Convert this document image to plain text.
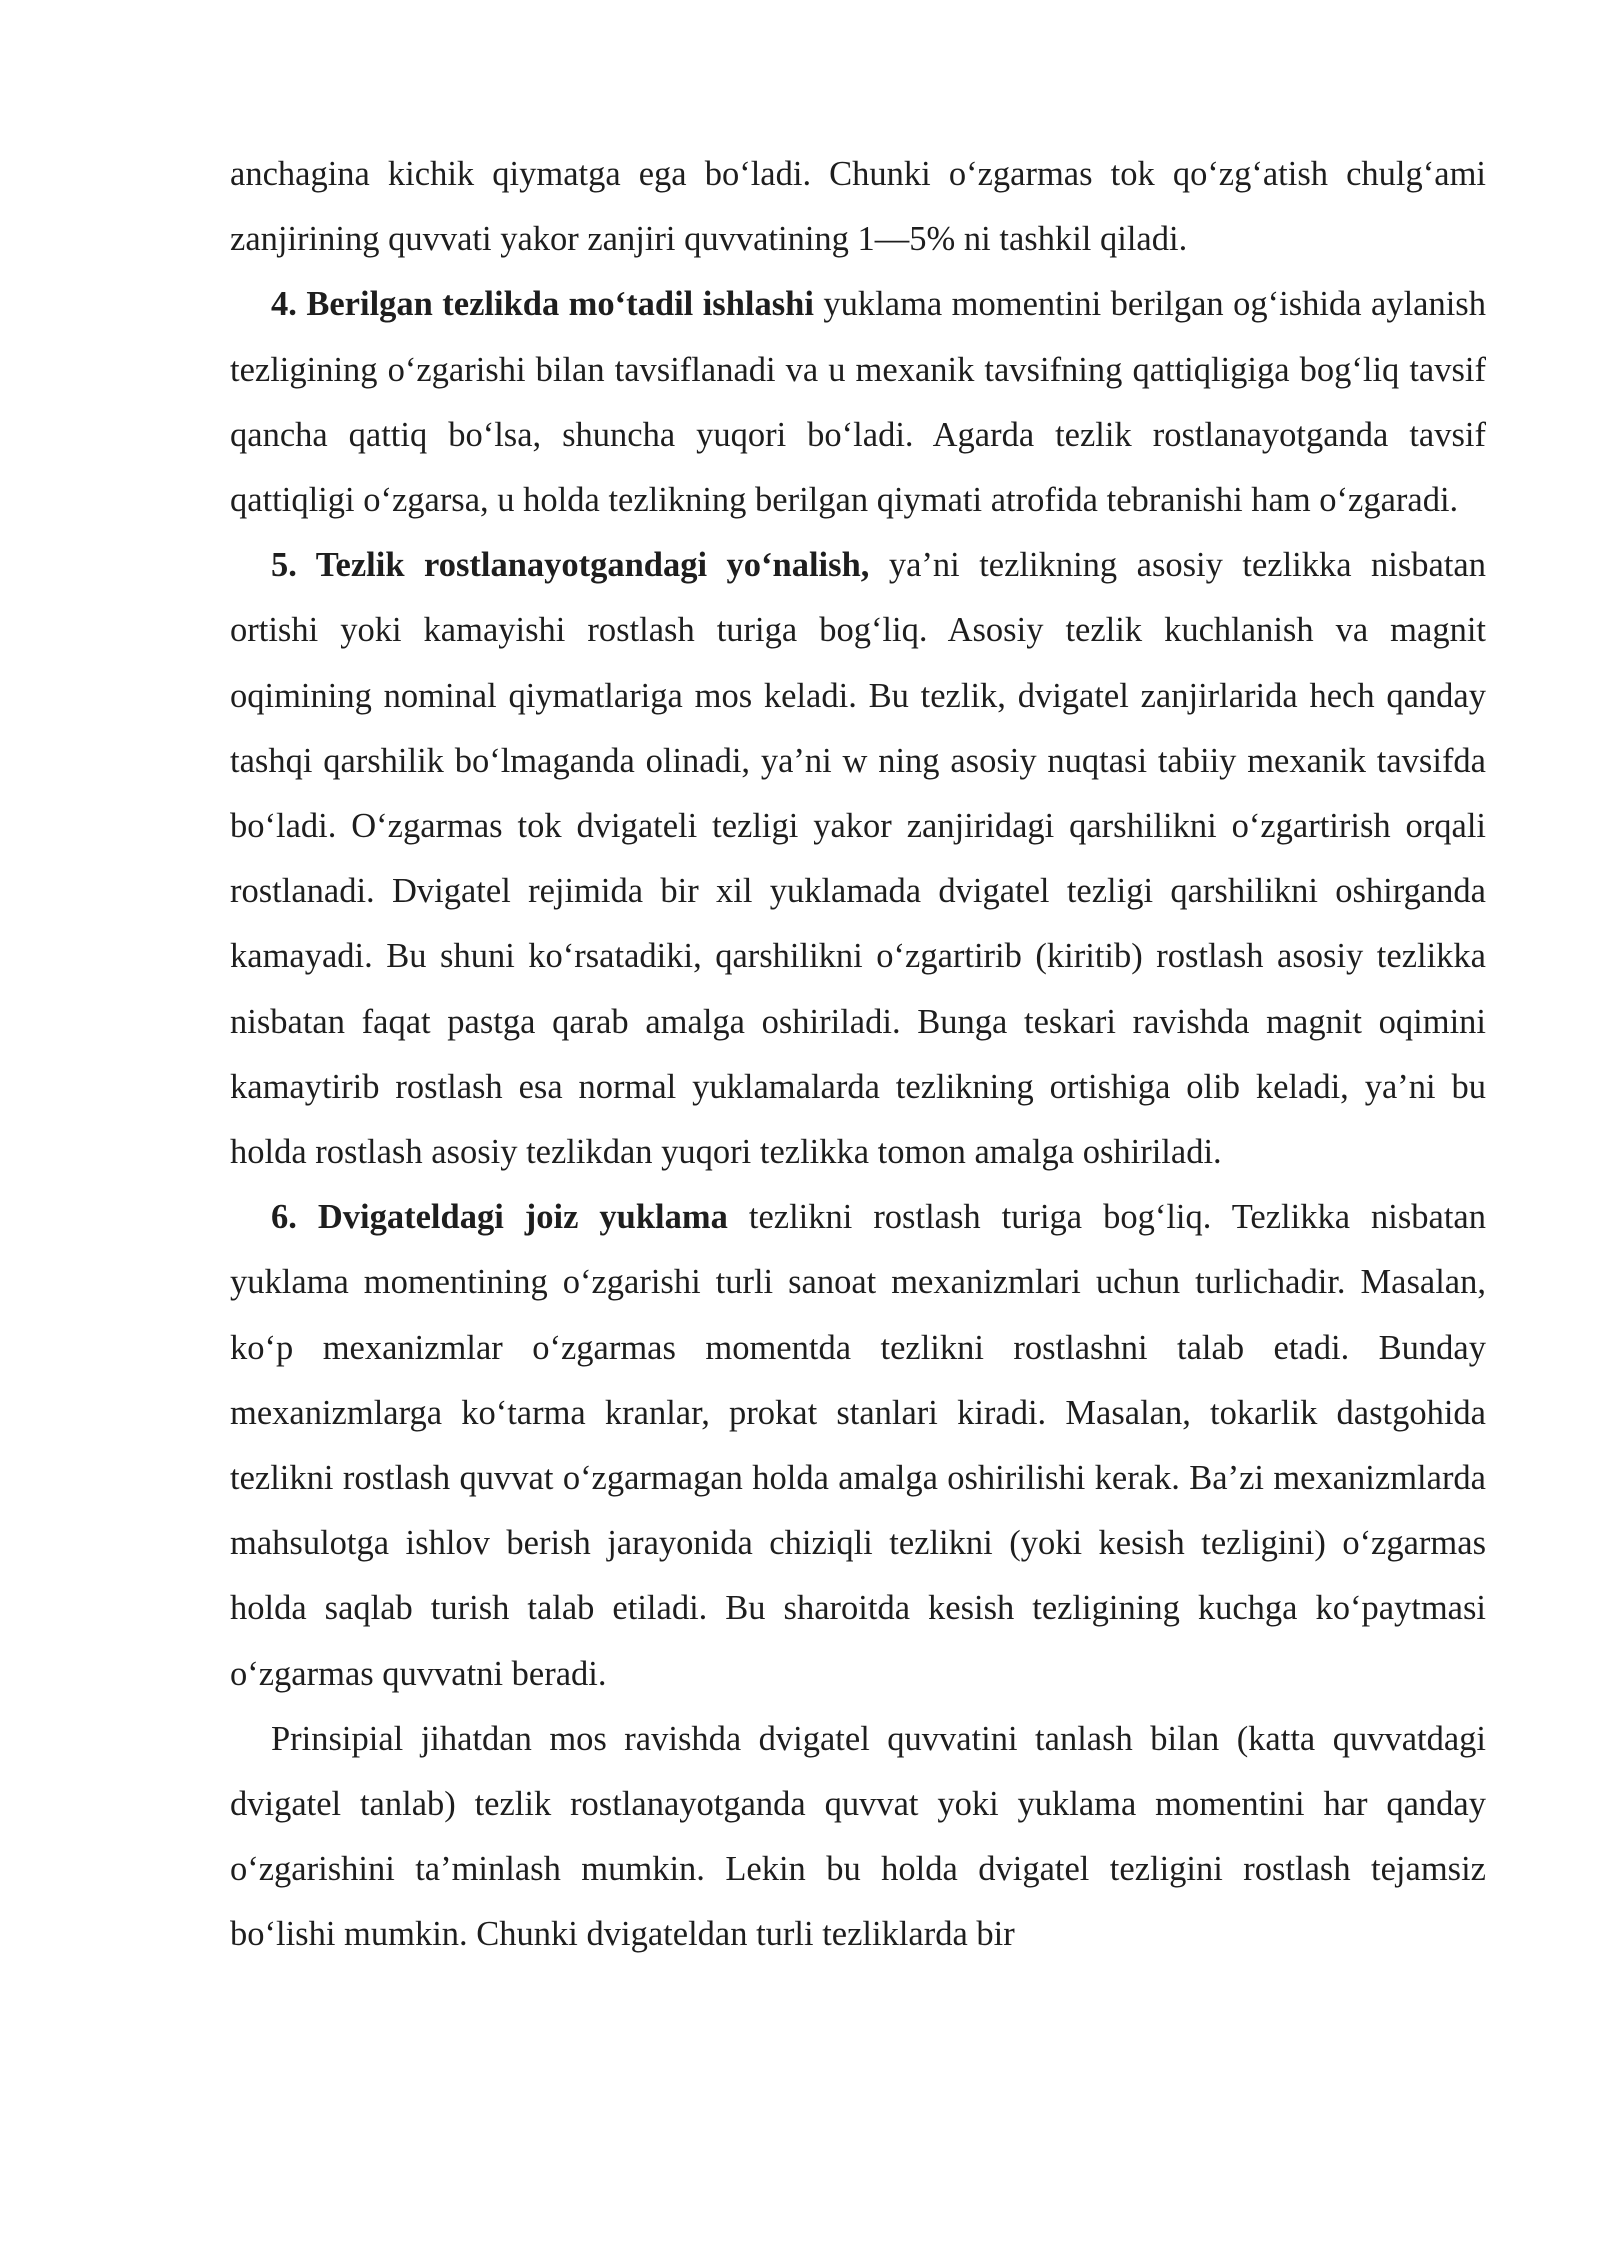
anchagina kichik qiymatga ega bo‘ladi. Chunki o‘zgarmas tok qo‘zg‘atish chulg‘ami zanjirining quvvati yakor zanjiri quvvatining 1—5% ni tashkil qiladi.

4. Berilgan tezlikda mo‘tadil ishlashi yuklama momentini berilgan og‘ishida aylanish tezligining o‘zgarishi bilan tavsiflanadi va u mexanik tavsifning qattiqligiga bog‘liq tavsif qancha qattiq bo‘lsa, shuncha yuqori bo‘ladi. Agarda tezlik rostlanayotganda tavsif qattiqligi o‘zgarsa, u holda tezlikning berilgan qiymati atrofida tebranishi ham o‘zgaradi.

5. Tezlik rostlanayotgandagi yo‘nalish, ya’ni tezlikning asosiy tezlikka nisbatan ortishi yoki kamayishi rostlash turiga bog‘liq. Asosiy tezlik kuchlanish va magnit oqimining nominal qiymatlariga mos keladi. Bu tezlik, dvigatel zanjirlarida hech qanday tashqi qarshilik bo‘lmaganda olinadi, ya’ni w ning asosiy nuqtasi tabiiy mexanik tavsifda bo‘ladi. O‘zgarmas tok dvigateli tezligi yakor zanjiridagi qarshilikni o‘zgartirish orqali rostlanadi. Dvigatel rejimida bir xil yuklamada dvigatel tezligi qarshilikni oshirganda kamayadi. Bu shuni ko‘rsatadiki, qarshilikni o‘zgartirib (kiritib) rostlash asosiy tezlikka nisbatan faqat pastga qarab amalga oshiriladi. Bunga teskari ravishda magnit oqimini kamaytirib rostlash esa normal yuklamalarda tezlikning ortishiga olib keladi, ya’ni bu holda rostlash asosiy tezlikdan yuqori tezlikka tomon amalga oshiriladi.

6. Dvigateldagi joiz yuklama tezlikni rostlash turiga bog‘liq. Tezlikka nisbatan yuklama momentining o‘zgarishi turli sanoat mexanizmlari uchun turlichadir. Masalan, ko‘p mexanizmlar o‘zgarmas momentda tezlikni rostlashni talab etadi. Bunday mexanizmlarga ko‘tarma kranlar, prokat stanlari kiradi. Masalan, tokarlik dastgohida tezlikni rostlash quvvat o‘zgarmagan holda amalga oshirilishi kerak. Ba’zi mexanizmlarda mahsulotga ishlov berish jarayonida chiziqli tezlikni (yoki kesish tezligini) o‘zgarmas holda saqlab turish talab etiladi. Bu sharoitda kesish tezligining kuchga ko‘paytmasi o‘zgarmas quvvatni beradi.

Prinsipial jihatdan mos ravishda dvigatel quvvatini tanlash bilan (katta quvvatdagi dvigatel tanlab) tezlik rostlanayotganda quvvat yoki yuklama momentini har qanday o‘zgarishini ta’minlash mumkin. Lekin bu holda dvigatel tezligini rostlash tejamsiz bo‘lishi mumkin. Chunki dvigateldan turli tezliklarda bir
